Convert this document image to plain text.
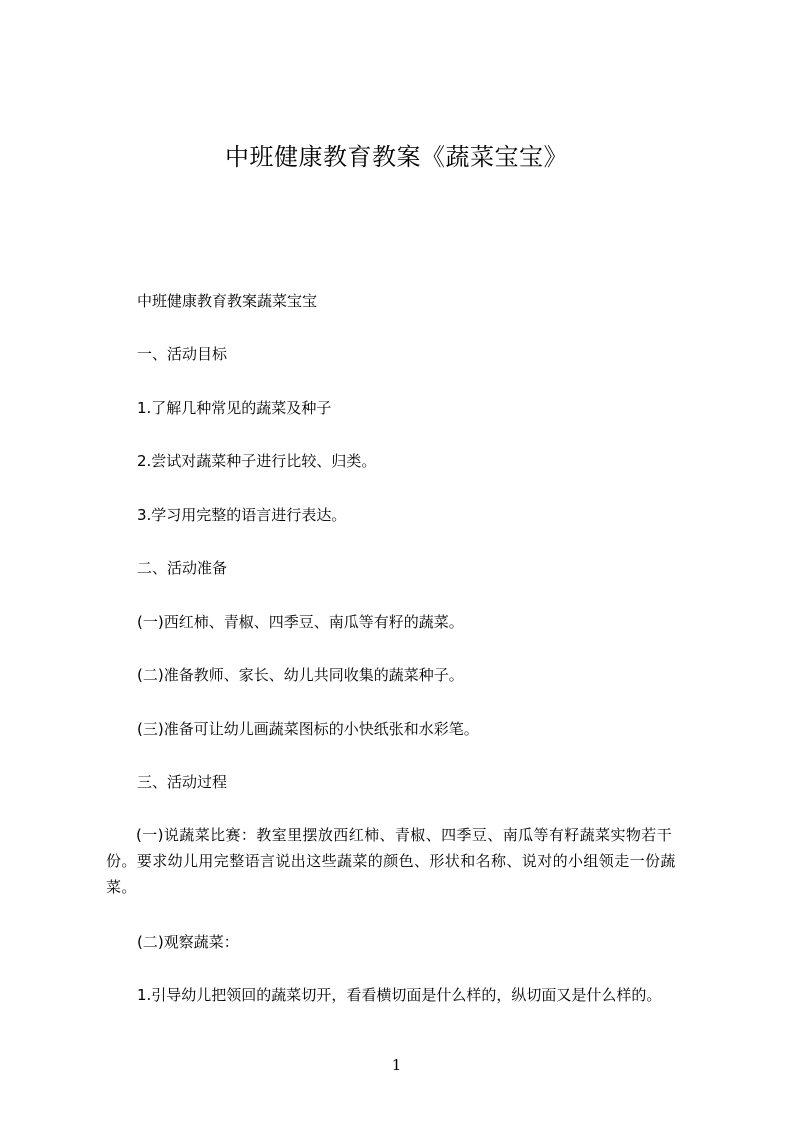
中班健康教育教案《蔬菜宝宝》

中班健康教育教案蔬菜宝宝

一、活动目标

1.了解几种常见的蔬菜及种子

2.尝试对蔬菜种子进行比较、归类。

3.学习用完整的语言进行表达。

二、活动准备

(一)西红柿、青椒、四季豆、南瓜等有籽的蔬菜。

(二)准备教师、家长、幼儿共同收集的蔬菜种子。

(三)准备可让幼儿画蔬菜图标的小快纸张和水彩笔。

三、活动过程

(一)说蔬菜比赛：教室里摆放西红柿、青椒、四季豆、南瓜等有籽蔬菜实物若干份。要求幼儿用完整语言说出这些蔬菜的颜色、形状和名称、说对的小组领走一份蔬菜。

(二)观察蔬菜：

1.引导幼儿把领回的蔬菜切开，看看横切面是什么样的，纵切面又是什么样的。

1
